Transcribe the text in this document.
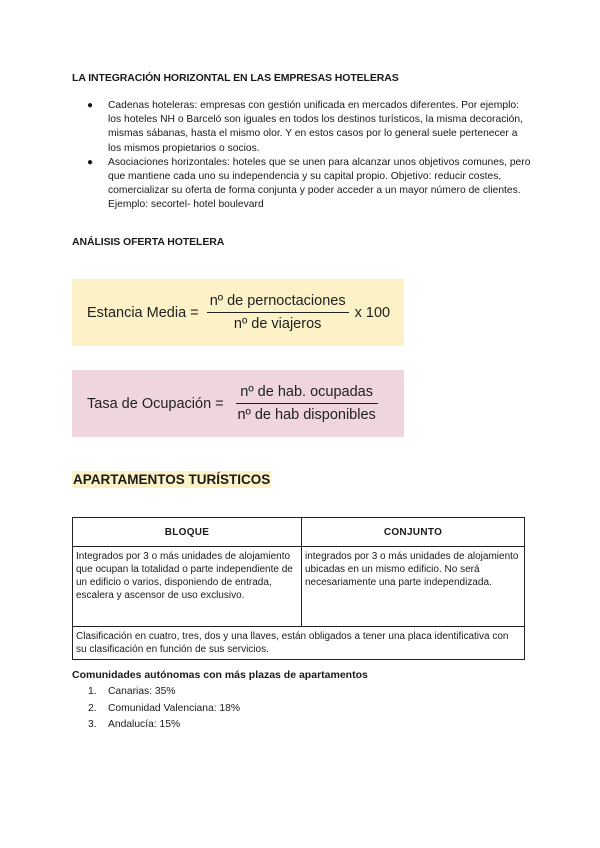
LA INTEGRACIÓN HORIZONTAL EN LAS EMPRESAS HOTELERAS
● Cadenas hoteleras: empresas con gestión unificada en mercados diferentes. Por ejemplo: los hoteles NH o Barceló son iguales en todos los destinos turísticos, la misma decoración, mismas sábanas, hasta el mismo olor. Y en estos casos por lo general suele pertenecer a los mismos propietarios o socios.
● Asociaciones horizontales: hoteles que se unen para alcanzar unos objetivos comunes, pero que mantiene cada uno su independencia y su capital propio. Objetivo: reducir costes, comercializar su oferta de forma conjunta y poder acceder a un mayor número de clientes. Ejemplo: secortel- hotel boulevard
ANÁLISIS OFERTA HOTELERA
Estancia Media = $\frac{\text{nº de pernoctaciones}}{\text{nº de viajeros}}$ x 100
Tasa de Ocupación = $\frac{\text{nº de hab. ocupadas}}{\text{nº de hab disponibles}}$
APARTAMENTOS TURÍSTICOS
BLOQUE	CONJUNTO
Integrados por 3 o más unidades de alojamiento que ocupan la totalidad o parte independiente de un edificio o varios, disponiendo de entrada, escalera y ascensor de uso exclusivo.	integrados por 3 o más unidades de alojamiento ubicadas en un mismo edificio. No será necesariamente una parte independizada.
Clasificación en cuatro, tres, dos y una llaves, están obligados a tener una placa identificativa con su clasificación en función de sus servicios.	
Comunidades autónomas con más plazas de apartamentos
1. Canarias: 35%
2. Comunidad Valenciana: 18%
3. Andalucía: 15%
